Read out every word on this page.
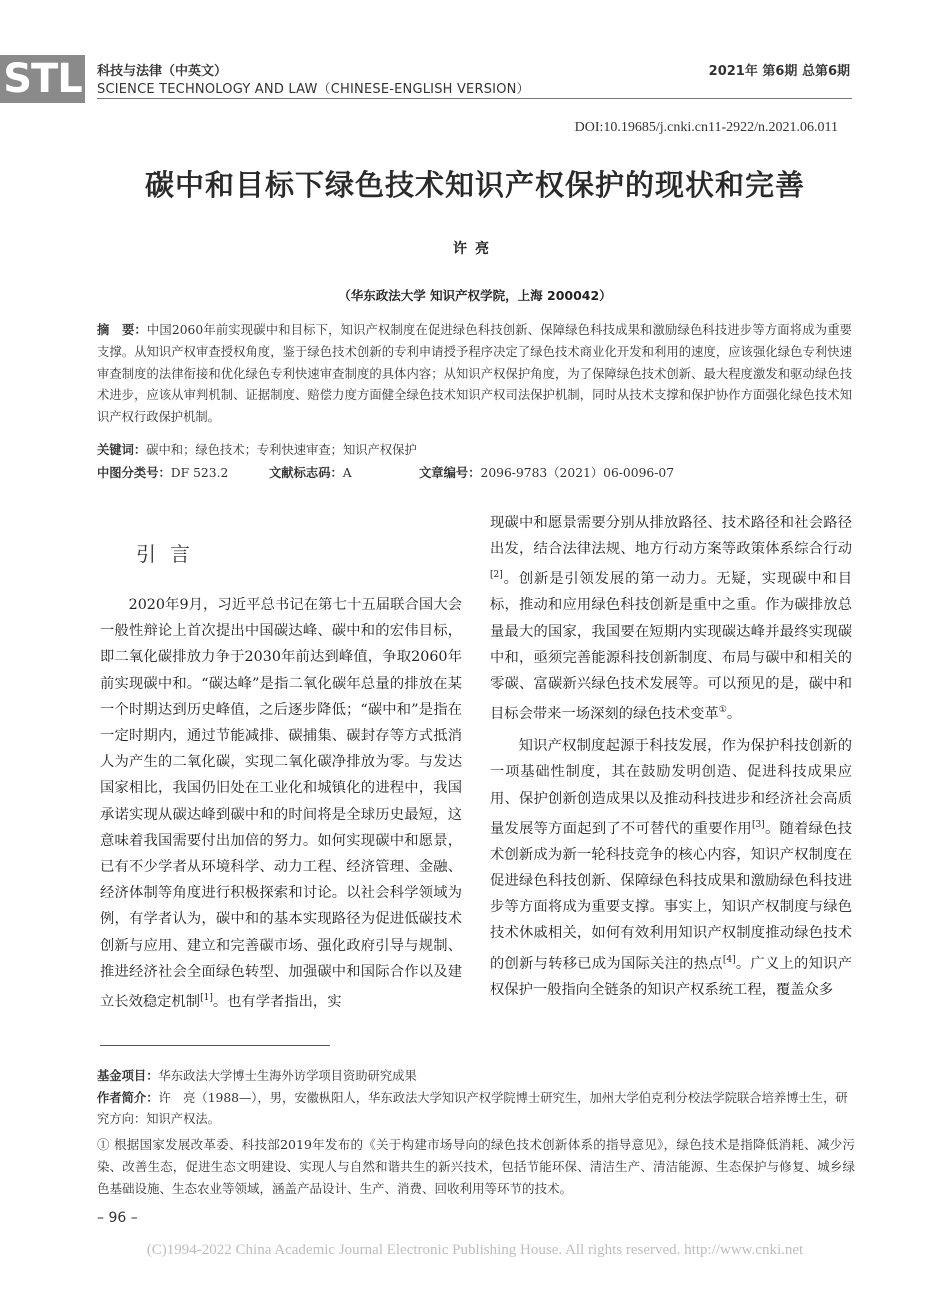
STL 科技与法律（中英文）
SCIENCE TECHNOLOGY AND LAW（CHINESE-ENGLISH VERSION）
2021年 第6期 总第6期
DOI:10.19685/j.cnki.cn11-2922/n.2021.06.011
碳中和目标下绿色技术知识产权保护的现状和完善
许亮
（华东政法大学 知识产权学院，上海 200042）
摘　要：中国2060年前实现碳中和目标下，知识产权制度在促进绿色科技创新、保障绿色科技成果和激励绿色科技进步等方面将成为重要支撑。从知识产权审查授权角度，鉴于绿色技术创新的专利申请授予程序决定了绿色技术商业化开发和利用的速度，应该强化绿色专利快速审查制度的法律衔接和优化绿色专利快速审查制度的具体内容；从知识产权保护角度，为了保障绿色技术创新、最大程度激发和驱动绿色技术进步，应该从审判机制、证据制度、赔偿力度方面健全绿色技术知识产权司法保护机制，同时从技术支撑和保护协作方面强化绿色技术知识产权行政保护机制。
关键词：碳中和；绿色技术；专利快速审查；知识产权保护
中图分类号：DF 523.2	文献标志码：A	文章编号：2096-9783（2021）06-0096-07
引言

2020年9月，习近平总书记在第七十五届联合国大会一般性辩论上首次提出中国碳达峰、碳中和的宏伟目标，即二氧化碳排放力争于2030年前达到峰值，争取2060年前实现碳中和。“碳达峰”是指二氧化碳年总量的排放在某一个时期达到历史峰值，之后逐步降低；“碳中和”是指在一定时期内，通过节能减排、碳捕集、碳封存等方式抵消人为产生的二氧化碳，实现二氧化碳净排放为零。与发达国家相比，我国仍旧处在工业化和城镇化的进程中，我国承诺实现从碳达峰到碳中和的时间将是全球历史最短，这意味着我国需要付出加倍的努力。如何实现碳中和愿景，已有不少学者从环境科学、动力工程、经济管理、金融、经济体制等角度进行积极探索和讨论。以社会科学领域为例，有学者认为，碳中和的基本实现路径为促进低碳技术创新与应用、建立和完善碳市场、强化政府引导与规制、推进经济社会全面绿色转型、加强碳中和国际合作以及建立长效稳定机制[1]。也有学者指出，实

现碳中和愿景需要分别从排放路径、技术路径和社会路径出发，结合法律法规、地方行动方案等政策体系综合行动[2]。创新是引领发展的第一动力。无疑，实现碳中和目标，推动和应用绿色科技创新是重中之重。作为碳排放总量最大的国家，我国要在短期内实现碳达峰并最终实现碳中和，亟须完善能源科技创新制度、布局与碳中和相关的零碳、富碳新兴绿色技术发展等。可以预见的是，碳中和目标会带来一场深刻的绿色技术变革①。

知识产权制度起源于科技发展，作为保护科技创新的一项基础性制度，其在鼓励发明创造、促进科技成果应用、保护创新创造成果以及推动科技进步和经济社会高质量发展等方面起到了不可替代的重要作用[3]。随着绿色技术创新成为新一轮科技竞争的核心内容，知识产权制度在促进绿色科技创新、保障绿色科技成果和激励绿色科技进步等方面将成为重要支撑。事实上，知识产权制度与绿色技术休戚相关，如何有效利用知识产权制度推动绿色技术的创新与转移已成为国际关注的热点[4]。广义上的知识产权保护一般指向全链条的知识产权系统工程，覆盖众多

基金项目：华东政法大学博士生海外访学项目资助研究成果
作者简介：许　亮（1988—），男，安徽枞阳人，华东政法大学知识产权学院博士研究生，加州大学伯克利分校法学院联合培养博士生，研究方向：知识产权法。
① 根据国家发展改革委、科技部2019年发布的《关于构建市场导向的绿色技术创新体系的指导意见》，绿色技术是指降低消耗、减少污染、改善生态，促进生态文明建设、实现人与自然和谐共生的新兴技术，包括节能环保、清洁生产、清洁能源、生态保护与修复、城乡绿色基础设施、生态农业等领域，涵盖产品设计、生产、消费、回收利用等环节的技术。
– 96 –
(C)1994-2022 China Academic Journal Electronic Publishing House. All rights reserved. http://www.cnki.net
